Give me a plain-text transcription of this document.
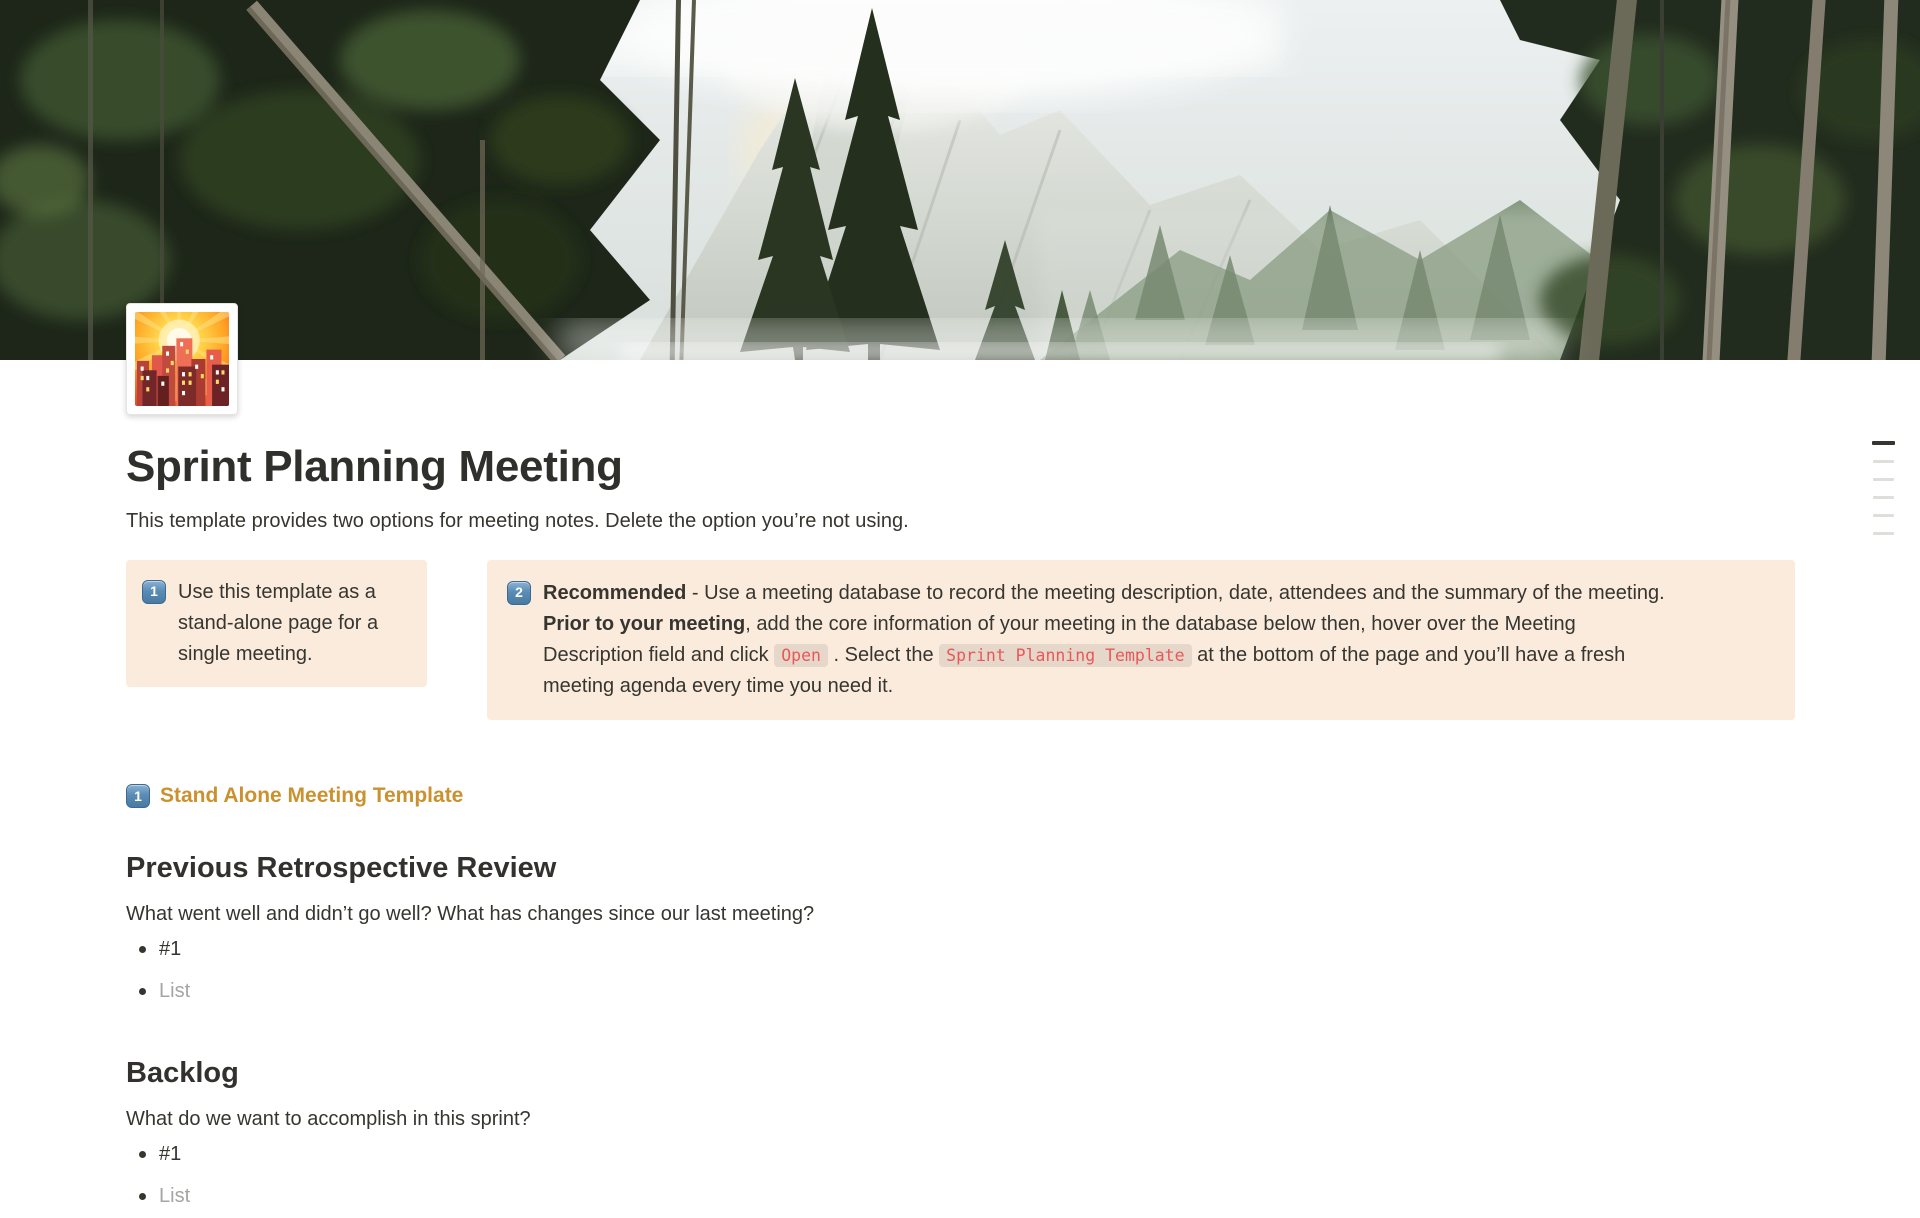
Sprint Planning Meeting

This template provides two options for meeting notes. Delete the option you’re not using.

1	Use this template as a stand-alone page for a single meeting.
2	Recommended - Use a meeting database to record the meeting description, date, attendees and the summary of the meeting.
Prior to your meeting, add the core information of your meeting in the database below then, hover over the Meeting
Description field and click Open . Select the Sprint Planning Template at the bottom of the page and you’ll have a fresh
meeting agenda every time you need it.
1 Stand Alone Meeting Template
Previous Retrospective Review

What went well and didn’t go well? What has changes since our last meeting?

#1
List
Backlog

What do we want to accomplish in this sprint?

#1
List
